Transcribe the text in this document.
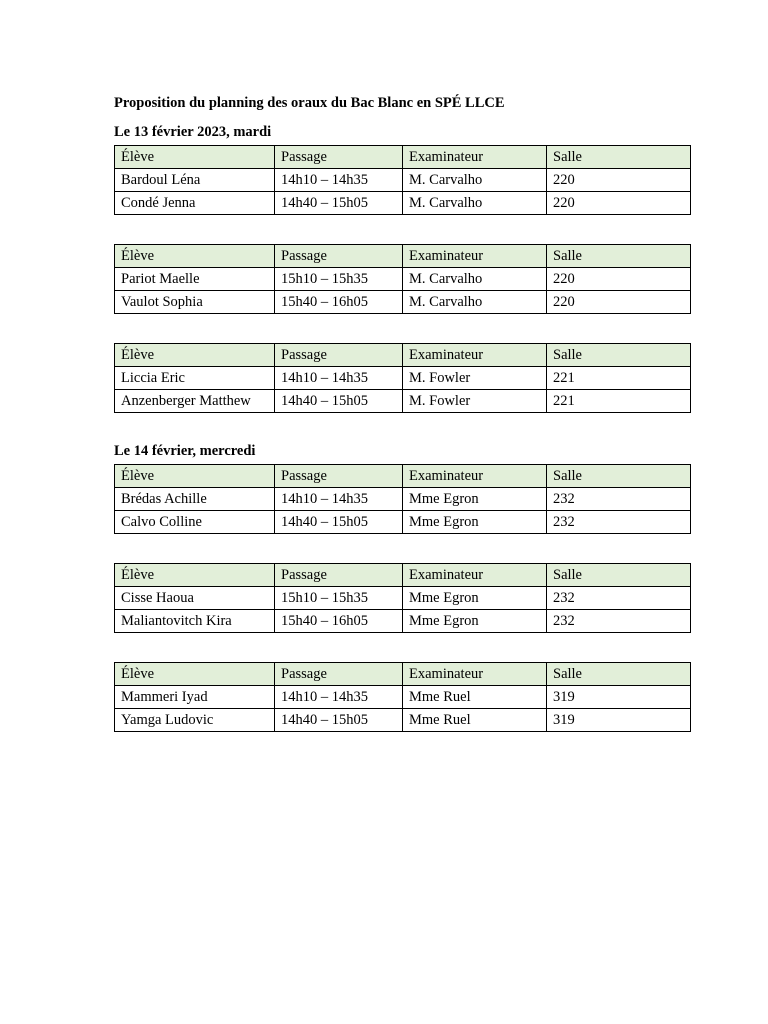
Proposition du planning des oraux du Bac Blanc en SPÉ LLCE

Le 13 février 2023, mardi

Élève	Passage	Examinateur	Salle
Bardoul Léna	14h10 – 14h35	M. Carvalho	220
Condé Jenna	14h40 – 15h05	M. Carvalho	220
Élève	Passage	Examinateur	Salle
Pariot Maelle	15h10 – 15h35	M. Carvalho	220
Vaulot Sophia	15h40 – 16h05	M. Carvalho	220
Élève	Passage	Examinateur	Salle
Liccia Eric	14h10 – 14h35	M. Fowler	221
Anzenberger Matthew	14h40 – 15h05	M. Fowler	221

Le 14 février, mercredi

Élève	Passage	Examinateur	Salle
Brédas Achille	14h10 – 14h35	Mme Egron	232
Calvo Colline	14h40 – 15h05	Mme Egron	232
Élève	Passage	Examinateur	Salle
Cisse Haoua	15h10 – 15h35	Mme Egron	232
Maliantovitch Kira	15h40 – 16h05	Mme Egron	232
Élève	Passage	Examinateur	Salle
Mammeri Iyad	14h10 – 14h35	Mme Ruel	319
Yamga Ludovic	14h40 – 15h05	Mme Ruel	319
